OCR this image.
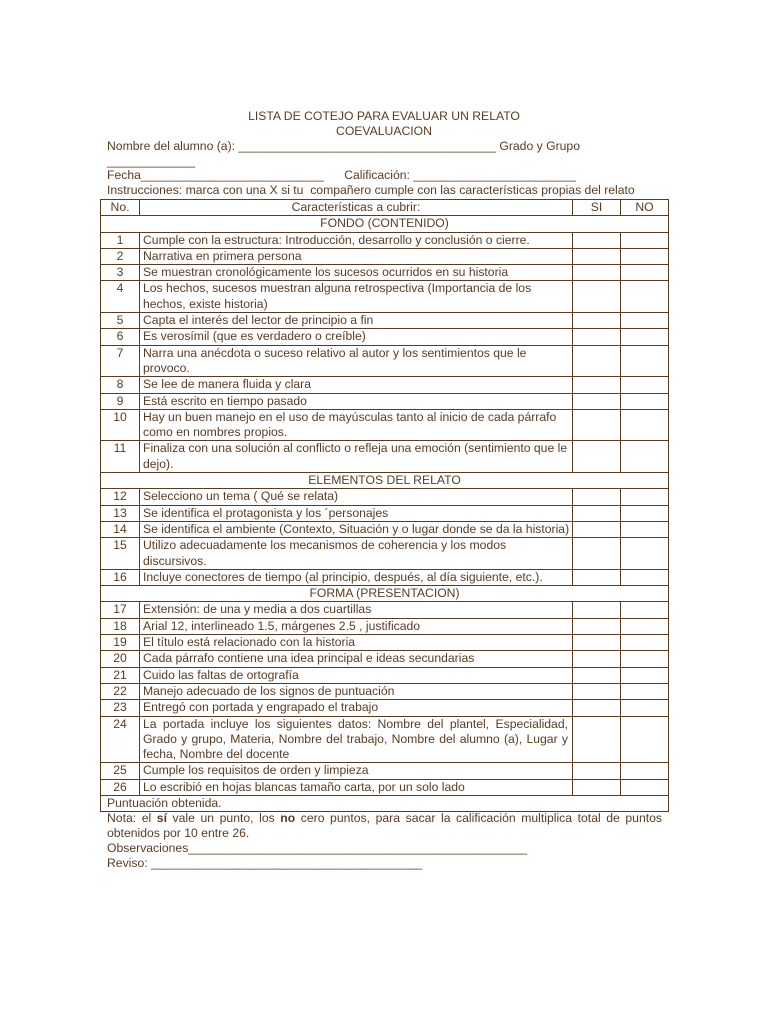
LISTA DE COTEJO PARA EVALUAR UN RELATO
COEVALUACION
Nombre del alumno (a): ______________________________________ Grado y Grupo
_____________
Fecha___________________________      Calificación: ________________________
Instrucciones: marca con una X si tu  compañero cumple con las características propias del relato
No.	Características a cubrir:	SI	NO
FONDO (CONTENIDO)			
1	Cumple con la estructura: Introducción, desarrollo y conclusión o cierre.		
2	Narrativa en primera persona		
3	Se muestran cronológicamente los sucesos ocurridos en su historia		
4	Los hechos, sucesos muestran alguna retrospectiva (Importancia de los hechos, existe historia)		
5	Capta el interés del lector de principio a fin		
6	Es verosímil (que es verdadero o creíble)		
7	Narra una anécdota o suceso relativo al autor y los sentimientos que le provoco.		
8	Se lee de manera fluida y clara		
9	Está escrito en tiempo pasado		
10	Hay un buen manejo en el uso de mayúsculas tanto al inicio de cada párrafo como en nombres propios.		
11	Finaliza con una solución al conflicto o refleja una emoción (sentimiento que le dejo).		
ELEMENTOS DEL RELATO			
12	Selecciono un tema ( Qué se relata)		
13	Se identifica el protagonista y los ´personajes		
14	Se identifica el ambiente (Contexto, Situación y o lugar donde se da la historia)		
15	Utilizo adecuadamente los mecanismos de coherencia y los modos discursivos.		
16	Incluye conectores de tiempo (al principio, después, al día siguiente, etc.).		
FORMA (PRESENTACION)			
17	Extensión: de una y media a dos cuartillas		
18	Arial 12, interlineado 1.5, márgenes 2.5 , justificado		
19	El título está relacionado con la historia		
20	Cada párrafo contiene una idea principal e ideas secundarias		
21	Cuido las faltas de ortografía		
22	Manejo adecuado de los signos de puntuación		
23	Entregó con portada y engrapado el trabajo		
24	La portada incluye los siguientes datos: Nombre del plantel, Especialidad, Grado y grupo, Materia, Nombre del trabajo, Nombre del alumno (a), Lugar y fecha, Nombre del docente		
25	Cumple los requisitos de orden y limpieza		
26	Lo escribió en hojas blancas tamaño carta, por un solo lado		
Puntuación obtenida.			
Nota: el sí vale un punto, los no cero puntos, para sacar la calificación multiplica total de puntos obtenidos por 10 entre 26.
Observaciones__________________________________________________
Reviso: ________________________________________
